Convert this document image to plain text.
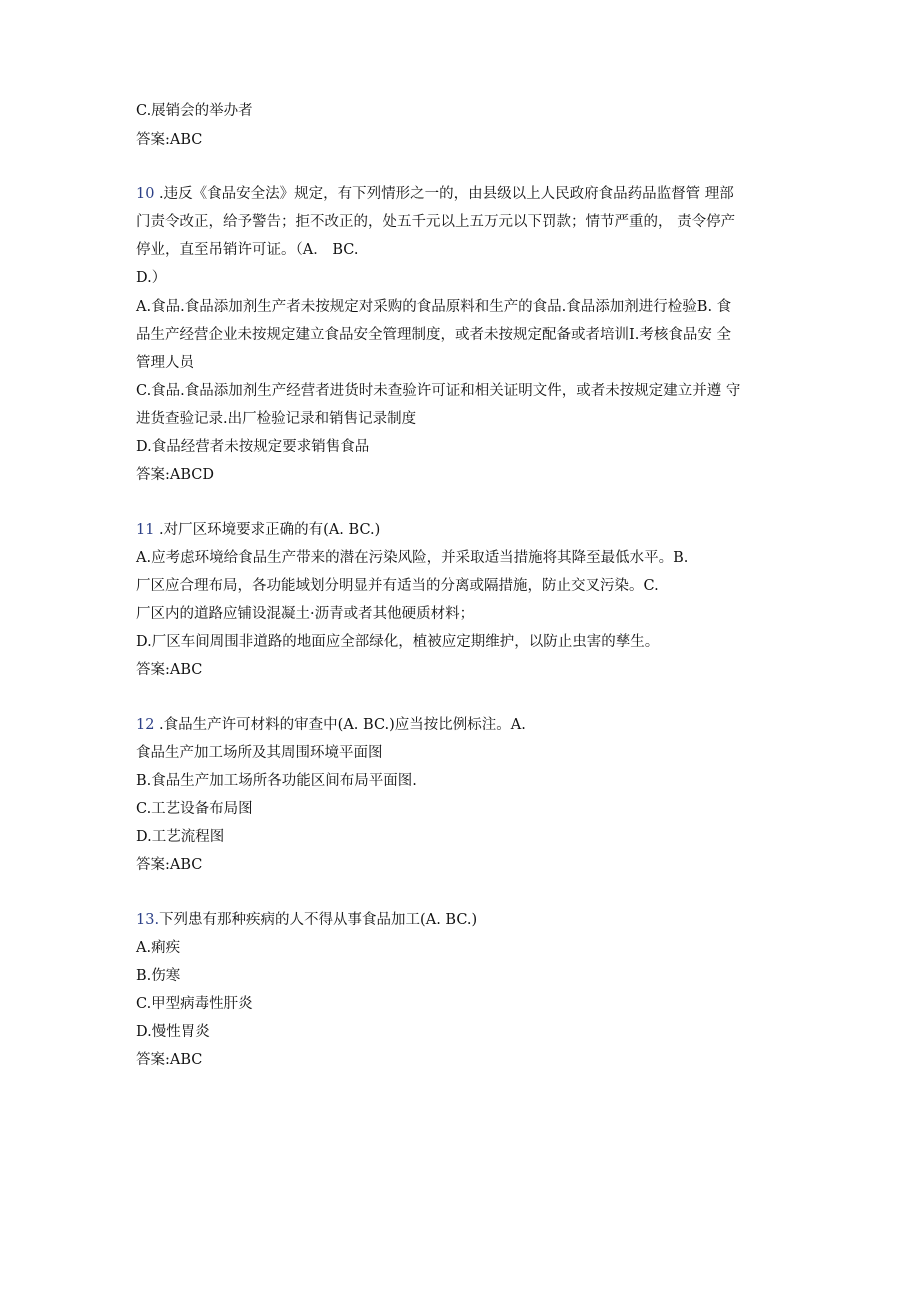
C.展销会的举办者
答案:ABC
10 .违反《食品安全法》规定，有下列情形之一的，由县级以上人民政府食品药品监督管 理部
门责令改正，给予警告；拒不改正的，处五千元以上五万元以下罚款；情节严重的， 责令停产
停业，直至吊销许可证。（A． BC.
D.）
A.食品.食品添加剂生产者未按规定对采购的食品原料和生产的食品.食品添加剂进行检验B. 食
品生产经营企业未按规定建立食品安全管理制度，或者未按规定配备或者培训I.考核食品安 全
管理人员
C.食品.食品添加剂生产经营者进货时未查验许可证和相关证明文件，或者未按规定建立并遵 守
进货查验记录.出厂检验记录和销售记录制度
D.食品经营者未按规定要求销售食品
答案:ABCD
11 .对厂区环境要求正确的有(A. BC.)
A.应考虑环境给食品生产带来的潜在污染风险，并采取适当措施将其降至最低水平。B.
厂区应合理布局，各功能域划分明显并有适当的分离或隔措施，防止交叉污染。C.
厂区内的道路应铺设混凝土·沥青或者其他硬质材料；
D.厂区车间周围非道路的地面应全部绿化，植被应定期维护，以防止虫害的孳生。
答案:ABC
12 .食品生产许可材料的审查中(A. BC.)应当按比例标注。A.
食品生产加工场所及其周围环境平面图
B.食品生产加工场所各功能区间布局平面图.
C.工艺设备布局图
D.工艺流程图
答案:ABC
13.下列患有那种疾病的人不得从事食品加工(A. BC.)
A.痢疾
B.伤寒
C.甲型病毒性肝炎
D.慢性胃炎
答案:ABC
